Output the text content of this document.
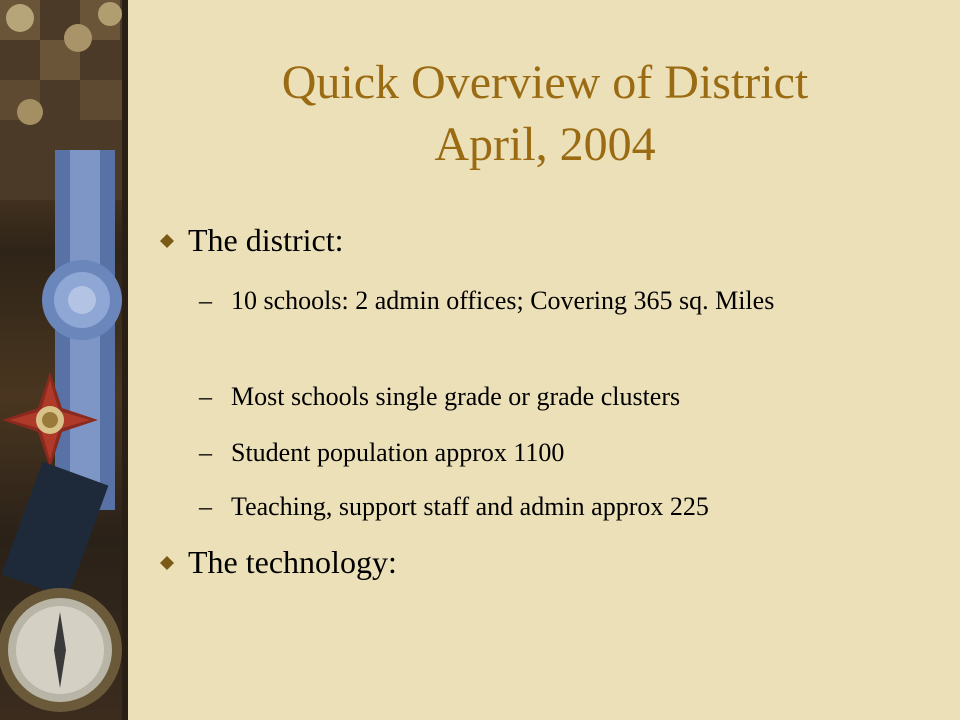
Quick Overview of District
April, 2004
The district:
– 10 schools: 2 admin offices; Covering 365 sq. Miles
– Most schools single grade or grade clusters
– Student population approx 1100
– Teaching, support staff and admin approx 225
The technology:
